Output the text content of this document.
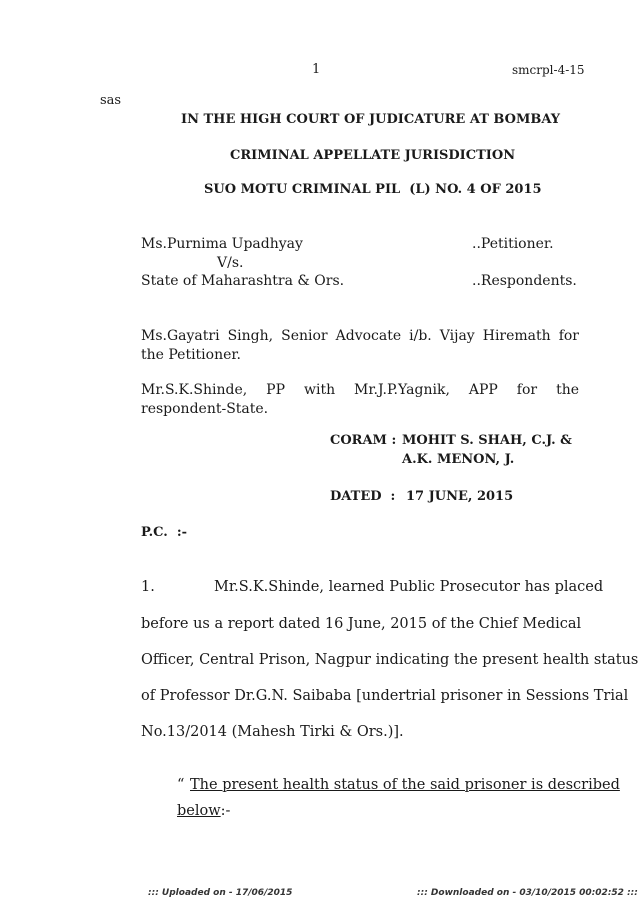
1	smcrpl-4-15
sas
IN THE HIGH COURT OF JUDICATURE AT BOMBAY
CRIMINAL APPELLATE JURISDICTION
SUO MOTU CRIMINAL PIL  (L) NO. 4 OF 2015
Ms.Purnima Upadhyay	..Petitioner.
V/s.
State of Maharashtra & Ors.	..Respondents.
Ms.Gayatri Singh, Senior Advocate i/b. Vijay Hiremath for the Petitioner.
Mr.S.K.Shinde, PP with Mr.J.P.Yagnik, APP for the respondent-State.
CORAM : MOHIT S. SHAH, C.J. &
A.K. MENON, J.
DATED  : 17 JUNE, 2015
P.C.  :-
1.	Mr.S.K.Shinde, learned Public Prosecutor has placed
before us a report dated 16 June, 2015 of the Chief Medical
Officer, Central Prison, Nagpur indicating the present health status
of Professor Dr.G.N. Saibaba [undertrial prisoner in Sessions Trial
No.13/2014 (Mahesh Tirki & Ors.)].
“ The present health status of the said prisoner is described
below:-
::: Uploaded on - 17/06/2015	::: Downloaded on - 03/10/2015 00:02:52 :::
